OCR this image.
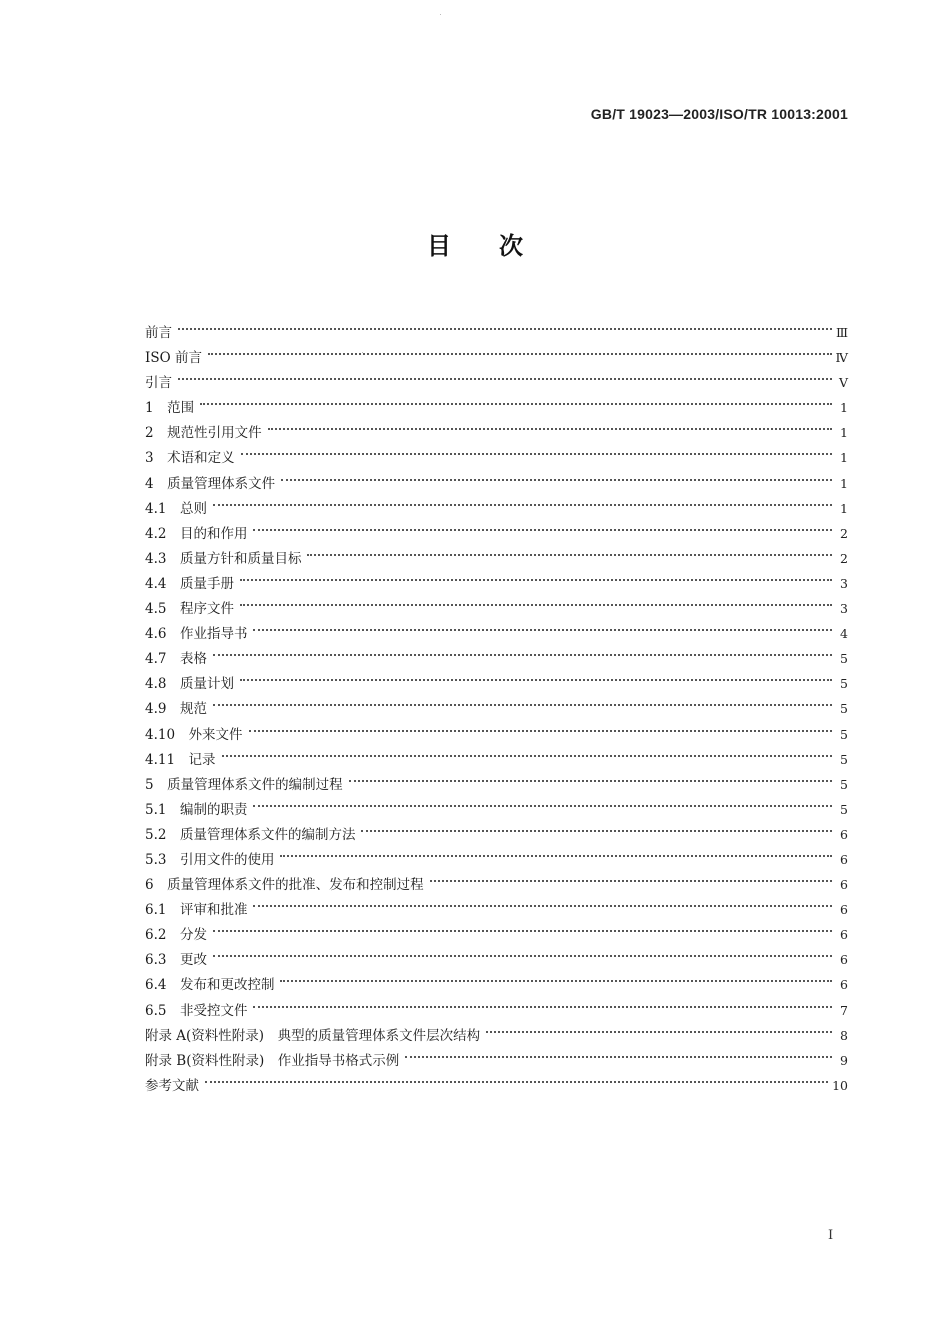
GB/T 19023—2003/ISO/TR 10013:2001
目次
前言	Ⅲ
ISO 前言	Ⅳ
引言	Ⅴ
1　范围	1
2　规范性引用文件	1
3　术语和定义	1
4　质量管理体系文件	1
4.1　总则	1
4.2　目的和作用	2
4.3　质量方针和质量目标	2
4.4　质量手册	3
4.5　程序文件	3
4.6　作业指导书	4
4.7　表格	5
4.8　质量计划	5
4.9　规范	5
4.10　外来文件	5
4.11　记录	5
5　质量管理体系文件的编制过程	5
5.1　编制的职责	5
5.2　质量管理体系文件的编制方法	6
5.3　引用文件的使用	6
6　质量管理体系文件的批准、发布和控制过程	6
6.1　评审和批准	6
6.2　分发	6
6.3　更改	6
6.4　发布和更改控制	6
6.5　非受控文件	7
附录 A(资料性附录)　典型的质量管理体系文件层次结构	8
附录 B(资料性附录)　作业指导书格式示例	9
参考文献	10
I
